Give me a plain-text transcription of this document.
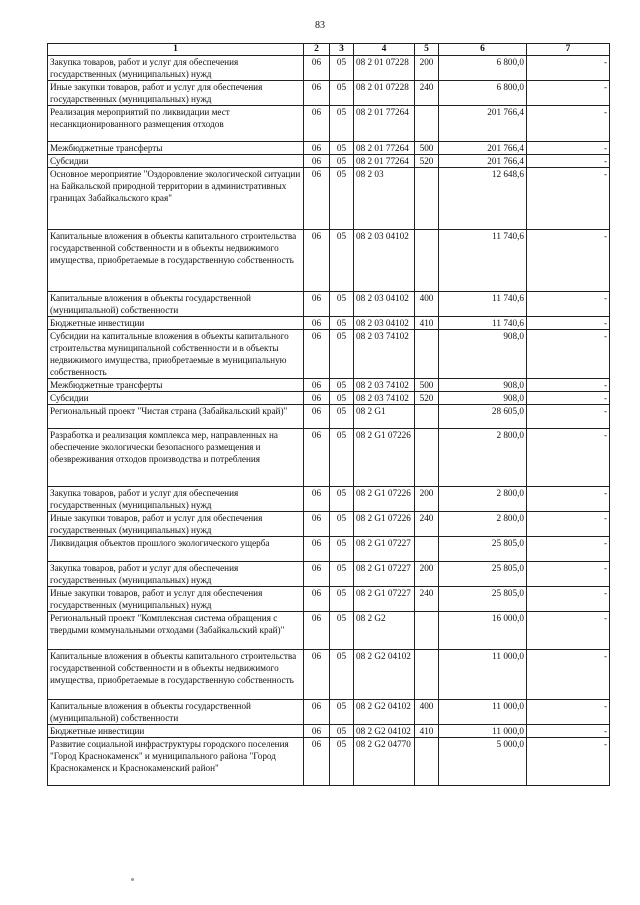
83
1	2	3	4	5	6	7
Закупка товаров, работ и услуг для обеспечения государственных (муниципальных) нужд	06	05	08 2 01 07228	200	6 800,0	-
Иные закупки товаров, работ и услуг для обеспечения государственных (муниципальных) нужд	06	05	08 2 01 07228	240	6 800,0	-
Реализация мероприятий по ликвидации мест несанкционированного размещения отходов	06	05	08 2 01 77264		201 766,4	-
Межбюджетные трансферты	06	05	08 2 01 77264	500	201 766,4	-
Субсидии	06	05	08 2 01 77264	520	201 766,4	-
Основное мероприятие "Оздоровление экологической ситуации на Байкальской природной территории в административных границах Забайкальского края"	06	05	08 2 03		12 648,6	-
Капитальные вложения в объекты капитального строительства государственной собственности и в объекты недвижимого имущества, приобретаемые в государственную собственность	06	05	08 2 03 04102		11 740,6	-
Капитальные вложения в объекты государственной (муниципальной) собственности	06	05	08 2 03 04102	400	11 740,6	-
Бюджетные инвестиции	06	05	08 2 03 04102	410	11 740,6	-
Субсидии на капитальные вложения в объекты капитального строительства муниципальной собственности и в объекты недвижимого имущества, приобретаемые в муниципальную собственность	06	05	08 2 03 74102		908,0	-
Межбюджетные трансферты	06	05	08 2 03 74102	500	908,0	-
Субсидии	06	05	08 2 03 74102	520	908,0	-
Региональный проект "Чистая страна (Забайкальский край)"	06	05	08 2 G1		28 605,0	-
Разработка и реализация комплекса мер, направленных на обеспечение экологически безопасного размещения и обезвреживания отходов производства и потребления	06	05	08 2 G1 07226		2 800,0	-
Закупка товаров, работ и услуг для обеспечения государственных (муниципальных) нужд	06	05	08 2 G1 07226	200	2 800,0	-
Иные закупки товаров, работ и услуг для обеспечения государственных (муниципальных) нужд	06	05	08 2 G1 07226	240	2 800,0	-
Ликвидация объектов прошлого экологического ущерба	06	05	08 2 G1 07227		25 805,0	-
Закупка товаров, работ и услуг для обеспечения государственных (муниципальных) нужд	06	05	08 2 G1 07227	200	25 805,0	-
Иные закупки товаров, работ и услуг для обеспечения государственных (муниципальных) нужд	06	05	08 2 G1 07227	240	25 805,0	-
Региональный проект "Комплексная система обращения с твердыми коммунальными отходами (Забайкальский край)"	06	05	08 2 G2		16 000,0	-
Капитальные вложения в объекты капитального строительства государственной собственности и в объекты недвижимого имущества, приобретаемые в государственную собственность	06	05	08 2 G2 04102		11 000,0	-
Капитальные вложения в объекты государственной (муниципальной) собственности	06	05	08 2 G2 04102	400	11 000,0	-
Бюджетные инвестиции	06	05	08 2 G2 04102	410	11 000,0	-
Развитие социальной инфраструктуры городского поселения "Город Краснокаменск" и муниципального района "Город Краснокаменск и Краснокаменский район"	06	05	08 2 G2 04770		5 000,0	-
